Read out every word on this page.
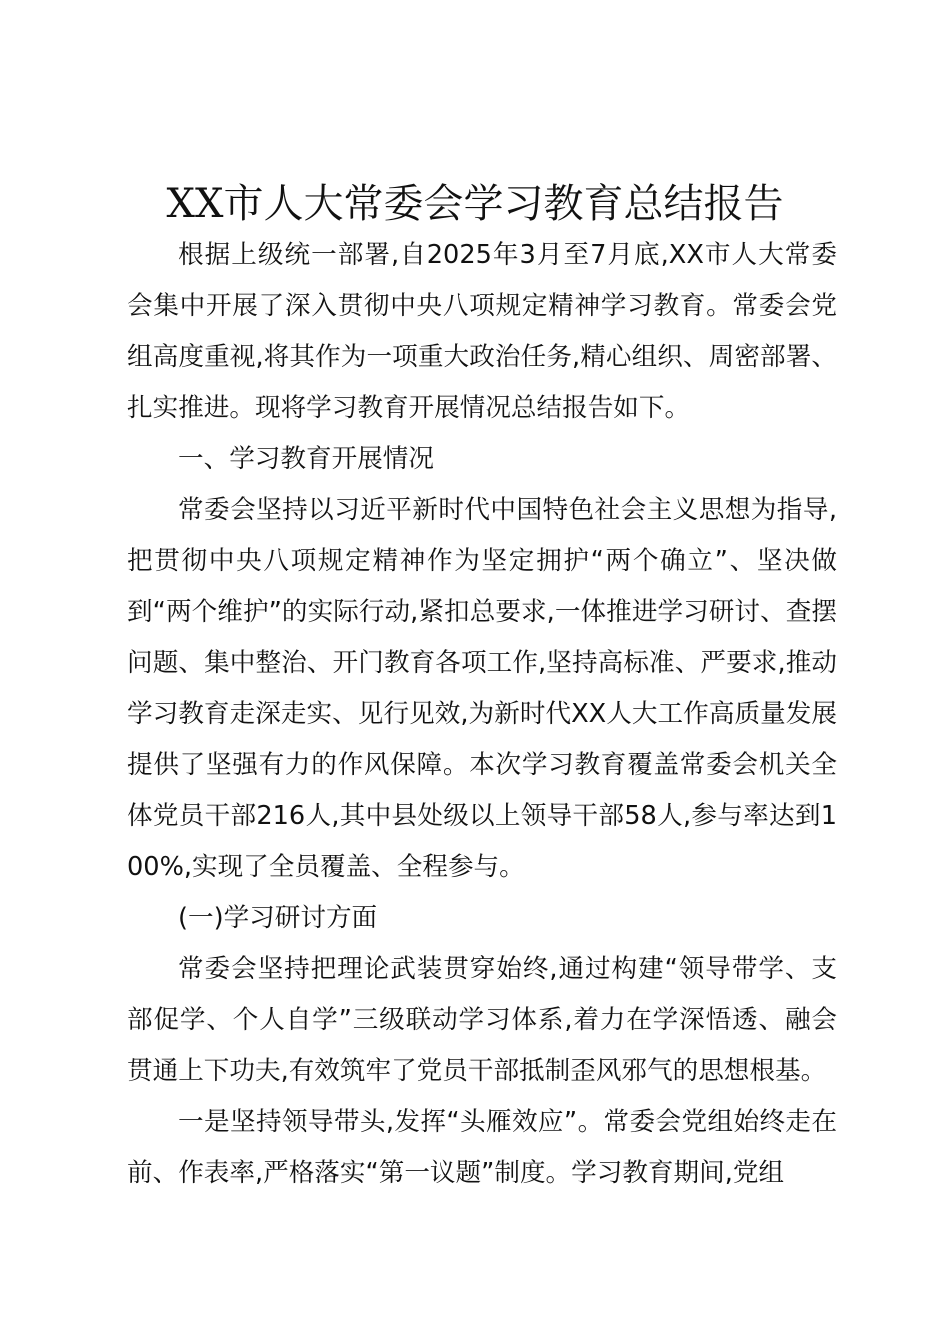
XX市人大常委会学习教育总结报告

根据上级统一部署,自2025年3月至7月底,XX市人大常委会集中开展了深入贯彻中央八项规定精神学习教育。常委会党组高度重视,将其作为一项重大政治任务,精心组织、周密部署、扎实推进。现将学习教育开展情况总结报告如下。

一、学习教育开展情况

常委会坚持以习近平新时代中国特色社会主义思想为指导,把贯彻中央八项规定精神作为坚定拥护“两个确立”、坚决做到“两个维护”的实际行动,紧扣总要求,一体推进学习研讨、查摆问题、集中整治、开门教育各项工作,坚持高标准、严要求,推动学习教育走深走实、见行见效,为新时代XX人大工作高质量发展提供了坚强有力的作风保障。本次学习教育覆盖常委会机关全体党员干部216人,其中县处级以上领导干部58人,参与率达到100%,实现了全员覆盖、全程参与。

(一)学习研讨方面

常委会坚持把理论武装贯穿始终,通过构建“领导带学、支部促学、个人自学”三级联动学习体系,着力在学深悟透、融会贯通上下功夫,有效筑牢了党员干部抵制歪风邪气的思想根基。

一是坚持领导带头,发挥“头雁效应”。常委会党组始终走在前、作表率,严格落实“第一议题”制度。学习教育期间,党组
